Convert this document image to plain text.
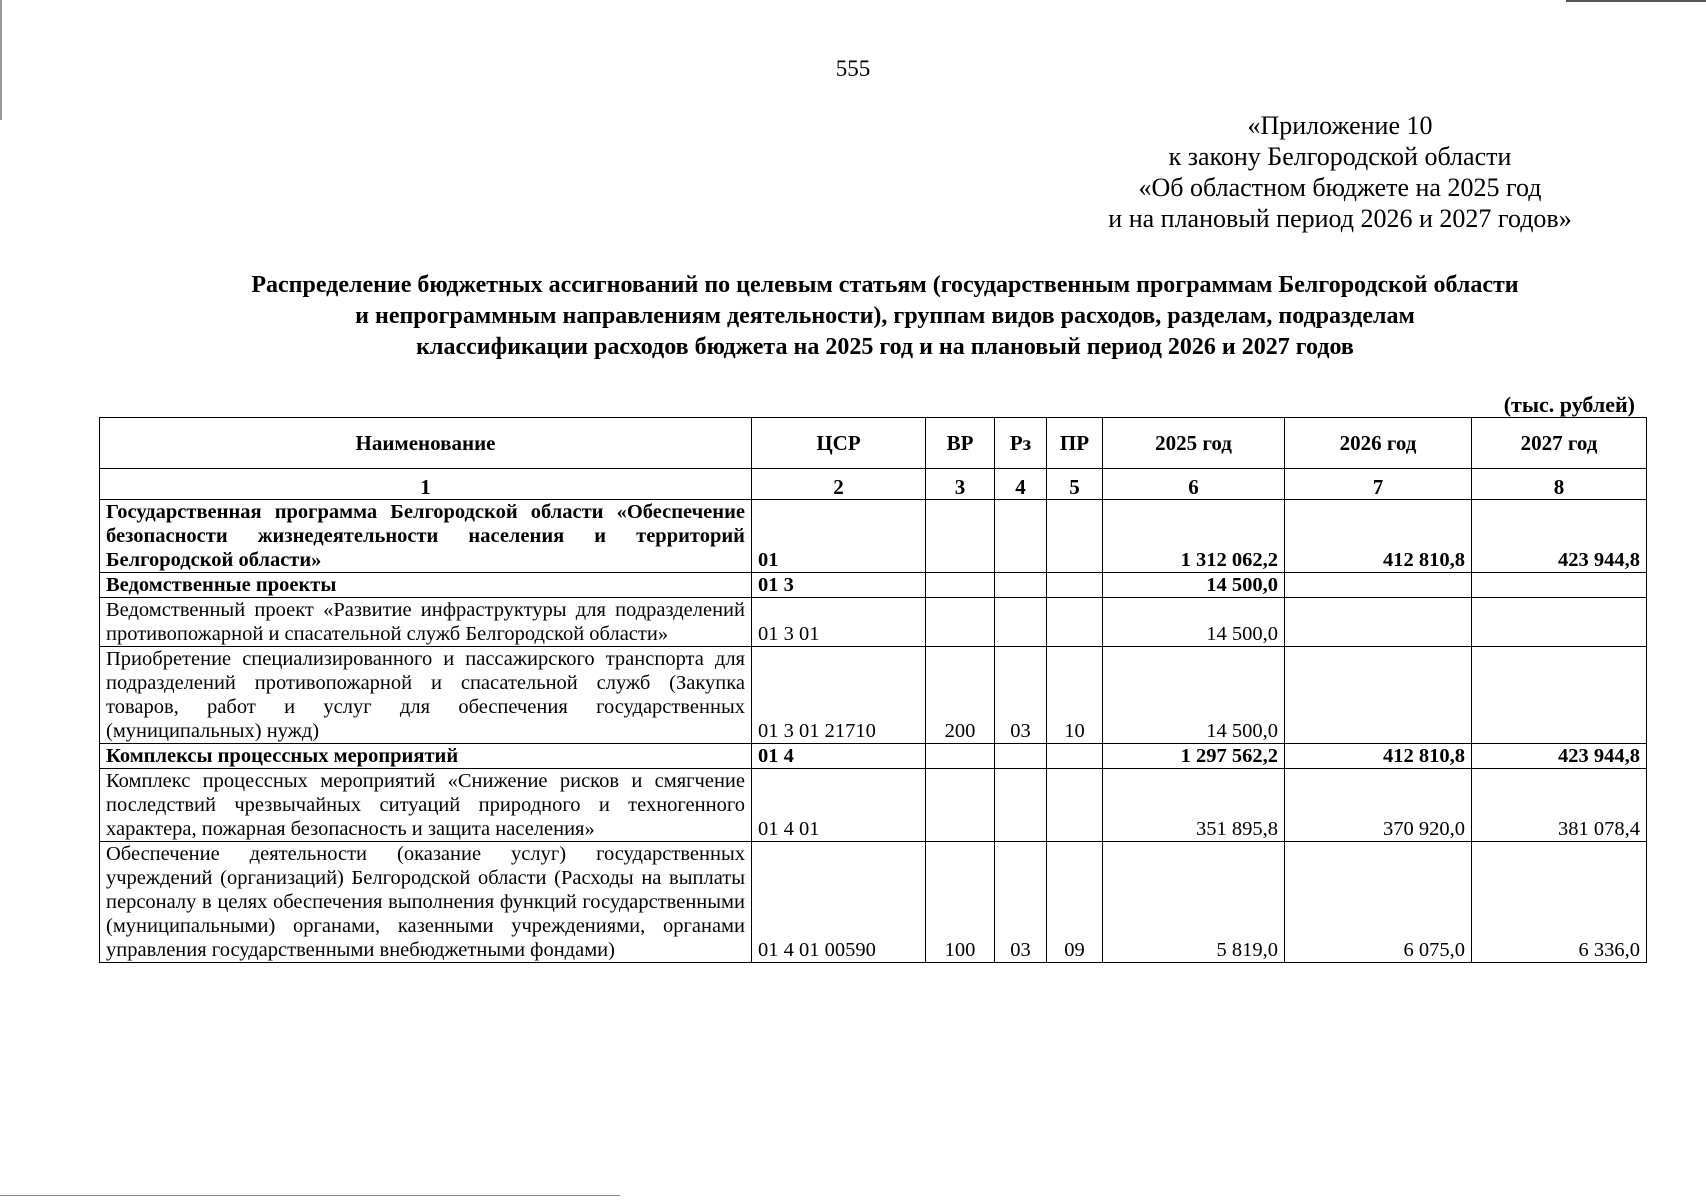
555
«Приложение 10
к закону Белгородской области
«Об областном бюджете на 2025 год
и на плановый период 2026 и 2027 годов»
Распределение бюджетных ассигнований по целевым статьям (государственным программам Белгородской области
и непрограммным направлениям деятельности), группам видов расходов, разделам, подразделам
классификации расходов бюджета на 2025 год и на плановый период 2026 и 2027 годов
(тыс. рублей)
Наименование	ЦСР	ВР	Рз	ПР	2025 год	2026 год	2027 год
1	2	3	4	5	6	7	8
Государственная программа Белгородской области «Обеспечение безопасности жизнедеятельности населения и территорий Белгородской области»	01				1 312 062,2	412 810,8	423 944,8
Ведомственные проекты	01 3				14 500,0		
Ведомственный проект «Развитие инфраструктуры для подразделений противопожарной и спасательной служб Белгородской области»	01 3 01				14 500,0		
Приобретение специализированного и пассажирского транспорта для подразделений противопожарной и спасательной служб (Закупка товаров, работ и услуг для обеспечения государственных (муниципальных) нужд)	01 3 01 21710	200	03	10	14 500,0		
Комплексы процессных мероприятий	01 4				1 297 562,2	412 810,8	423 944,8
Комплекс процессных мероприятий «Снижение рисков и смягчение последствий чрезвычайных ситуаций природного и техногенного характера, пожарная безопасность и защита населения»	01 4 01				351 895,8	370 920,0	381 078,4
Обеспечение деятельности (оказание услуг) государственных учреждений (организаций) Белгородской области (Расходы на выплаты персоналу в целях обеспечения выполнения функций государственными (муниципальными) органами, казенными учреждениями, органами управления государственными внебюджетными фондами)	01 4 01 00590	100	03	09	5 819,0	6 075,0	6 336,0
